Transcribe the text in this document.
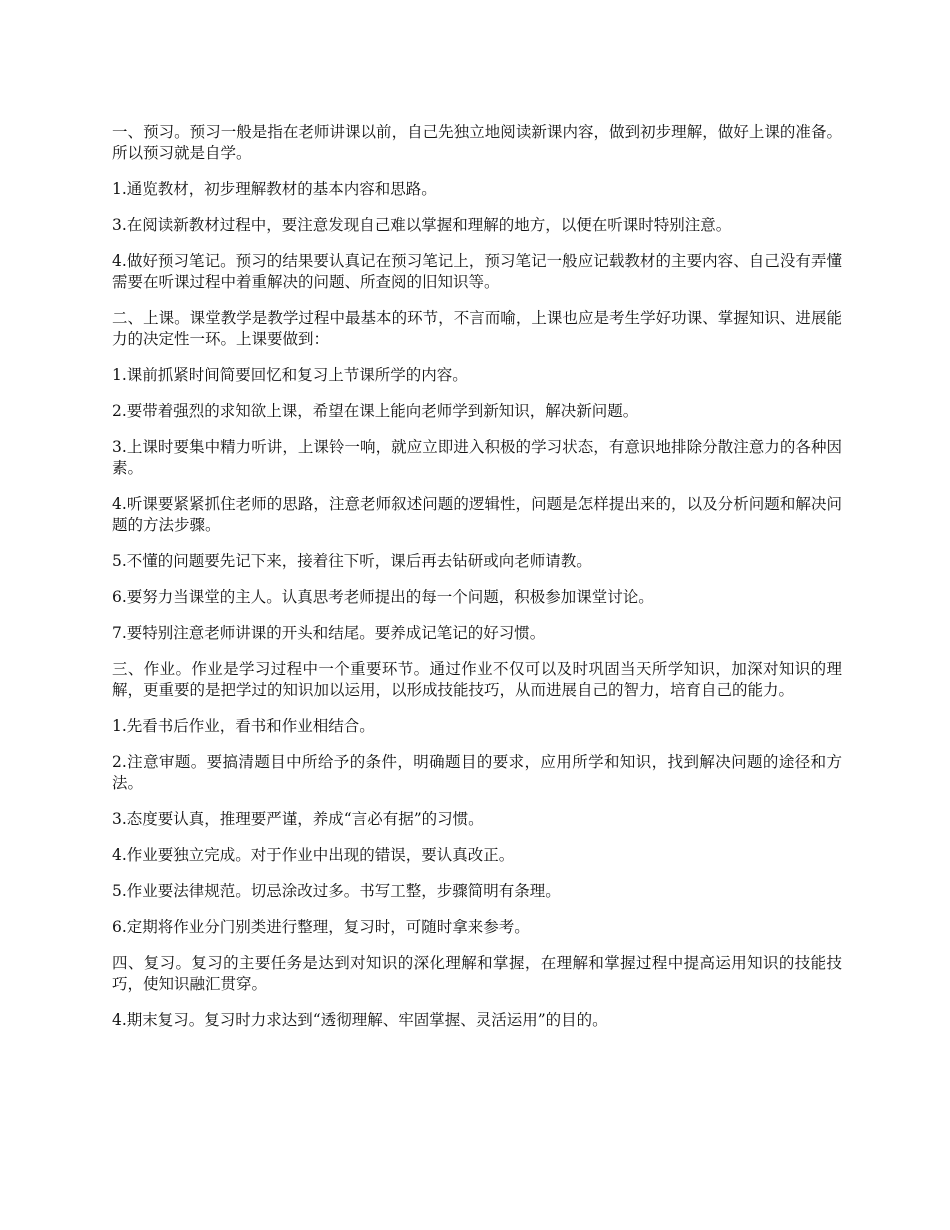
一、预习。预习一般是指在老师讲课以前，自己先独立地阅读新课内容，做到初步理解，做好上课的准备。所以预习就是自学。

1.通览教材，初步理解教材的基本内容和思路。

3.在阅读新教材过程中，要注意发现自己难以掌握和理解的地方，以便在听课时特别注意。

4.做好预习笔记。预习的结果要认真记在预习笔记上，预习笔记一般应记载教材的主要内容、自己没有弄懂需要在听课过程中着重解决的问题、所查阅的旧知识等。

二、上课。课堂教学是教学过程中最基本的环节，不言而喻，上课也应是考生学好功课、掌握知识、进展能力的决定性一环。上课要做到：

1.课前抓紧时间简要回忆和复习上节课所学的内容。

2.要带着强烈的求知欲上课，希望在课上能向老师学到新知识，解决新问题。

3.上课时要集中精力听讲，上课铃一响，就应立即进入积极的学习状态，有意识地排除分散注意力的各种因素。

4.听课要紧紧抓住老师的思路，注意老师叙述问题的逻辑性，问题是怎样提出来的，以及分析问题和解决问题的方法步骤。

5.不懂的问题要先记下来，接着往下听，课后再去钻研或向老师请教。

6.要努力当课堂的主人。认真思考老师提出的每一个问题，积极参加课堂讨论。

7.要特别注意老师讲课的开头和结尾。要养成记笔记的好习惯。

三、作业。作业是学习过程中一个重要环节。通过作业不仅可以及时巩固当天所学知识，加深对知识的理解，更重要的是把学过的知识加以运用，以形成技能技巧，从而进展自己的智力，培育自己的能力。

1.先看书后作业，看书和作业相结合。

2.注意审题。要搞清题目中所给予的条件，明确题目的要求，应用所学和知识，找到解决问题的途径和方法。

3.态度要认真，推理要严谨，养成“言必有据”的习惯。

4.作业要独立完成。对于作业中出现的错误，要认真改正。

5.作业要法律规范。切忌涂改过多。书写工整，步骤简明有条理。

6.定期将作业分门别类进行整理，复习时，可随时拿来参考。

四、复习。复习的主要任务是达到对知识的深化理解和掌握，在理解和掌握过程中提高运用知识的技能技巧，使知识融汇贯穿。

4.期末复习。复习时力求达到“透彻理解、牢固掌握、灵活运用”的目的。
